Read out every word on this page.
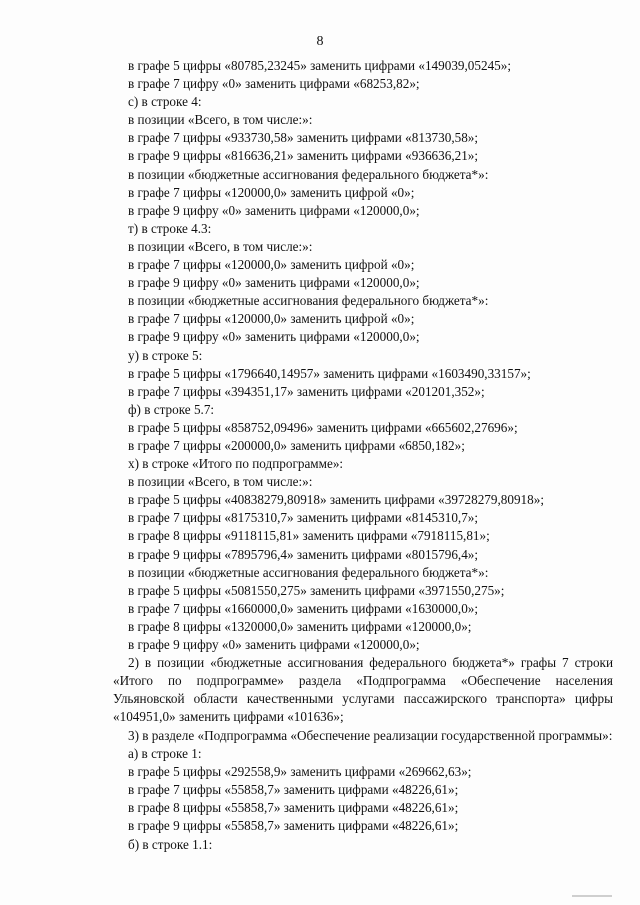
8
в графе 5 цифры «80785,23245» заменить цифрами «149039,05245»;
в графе 7 цифру «0» заменить цифрами «68253,82»;
с) в строке 4:
в позиции «Всего, в том числе:»:
в графе 7 цифры «933730,58» заменить цифрами «813730,58»;
в графе 9 цифры «816636,21» заменить цифрами «936636,21»;
в позиции «бюджетные ассигнования федерального бюджета*»:
в графе 7 цифры «120000,0» заменить цифрой «0»;
в графе 9 цифру «0» заменить цифрами «120000,0»;
т) в строке 4.3:
в позиции «Всего, в том числе:»:
в графе 7 цифры «120000,0» заменить цифрой «0»;
в графе 9 цифру «0» заменить цифрами «120000,0»;
в позиции «бюджетные ассигнования федерального бюджета*»:
в графе 7 цифры «120000,0» заменить цифрой «0»;
в графе 9 цифру «0» заменить цифрами «120000,0»;
у) в строке 5:
в графе 5 цифры «1796640,14957» заменить цифрами «1603490,33157»;
в графе 7 цифры «394351,17» заменить цифрами «201201,352»;
ф) в строке 5.7:
в графе 5 цифры «858752,09496» заменить цифрами «665602,27696»;
в графе 7 цифры «200000,0» заменить цифрами «6850,182»;
х) в строке «Итого по подпрограмме»:
в позиции «Всего, в том числе:»:
в графе 5 цифры «40838279,80918» заменить цифрами «39728279,80918»;
в графе 7 цифры «8175310,7» заменить цифрами «8145310,7»;
в графе 8 цифры «9118115,81» заменить цифрами «7918115,81»;
в графе 9 цифры «7895796,4» заменить цифрами «8015796,4»;
в позиции «бюджетные ассигнования федерального бюджета*»:
в графе 5 цифры «5081550,275» заменить цифрами «3971550,275»;
в графе 7 цифры «1660000,0» заменить цифрами «1630000,0»;
в графе 8 цифры «1320000,0» заменить цифрами «120000,0»;
в графе 9 цифру «0» заменить цифрами «120000,0»;

2) в позиции «бюджетные ассигнования федерального бюджета*» графы 7 строки «Итого по подпрограмме» раздела «Подпрограмма «Обеспечение населения Ульяновской области качественными услугами пассажирского транспорта» цифры «104951,0» заменить цифрами «101636»;

3) в разделе «Подпрограмма «Обеспечение реализации государственной программы»:

а) в строке 1:
в графе 5 цифры «292558,9» заменить цифрами «269662,63»;
в графе 7 цифры «55858,7» заменить цифрами «48226,61»;
в графе 8 цифры «55858,7» заменить цифрами «48226,61»;
в графе 9 цифры «55858,7» заменить цифрами «48226,61»;
б) в строке 1.1:
